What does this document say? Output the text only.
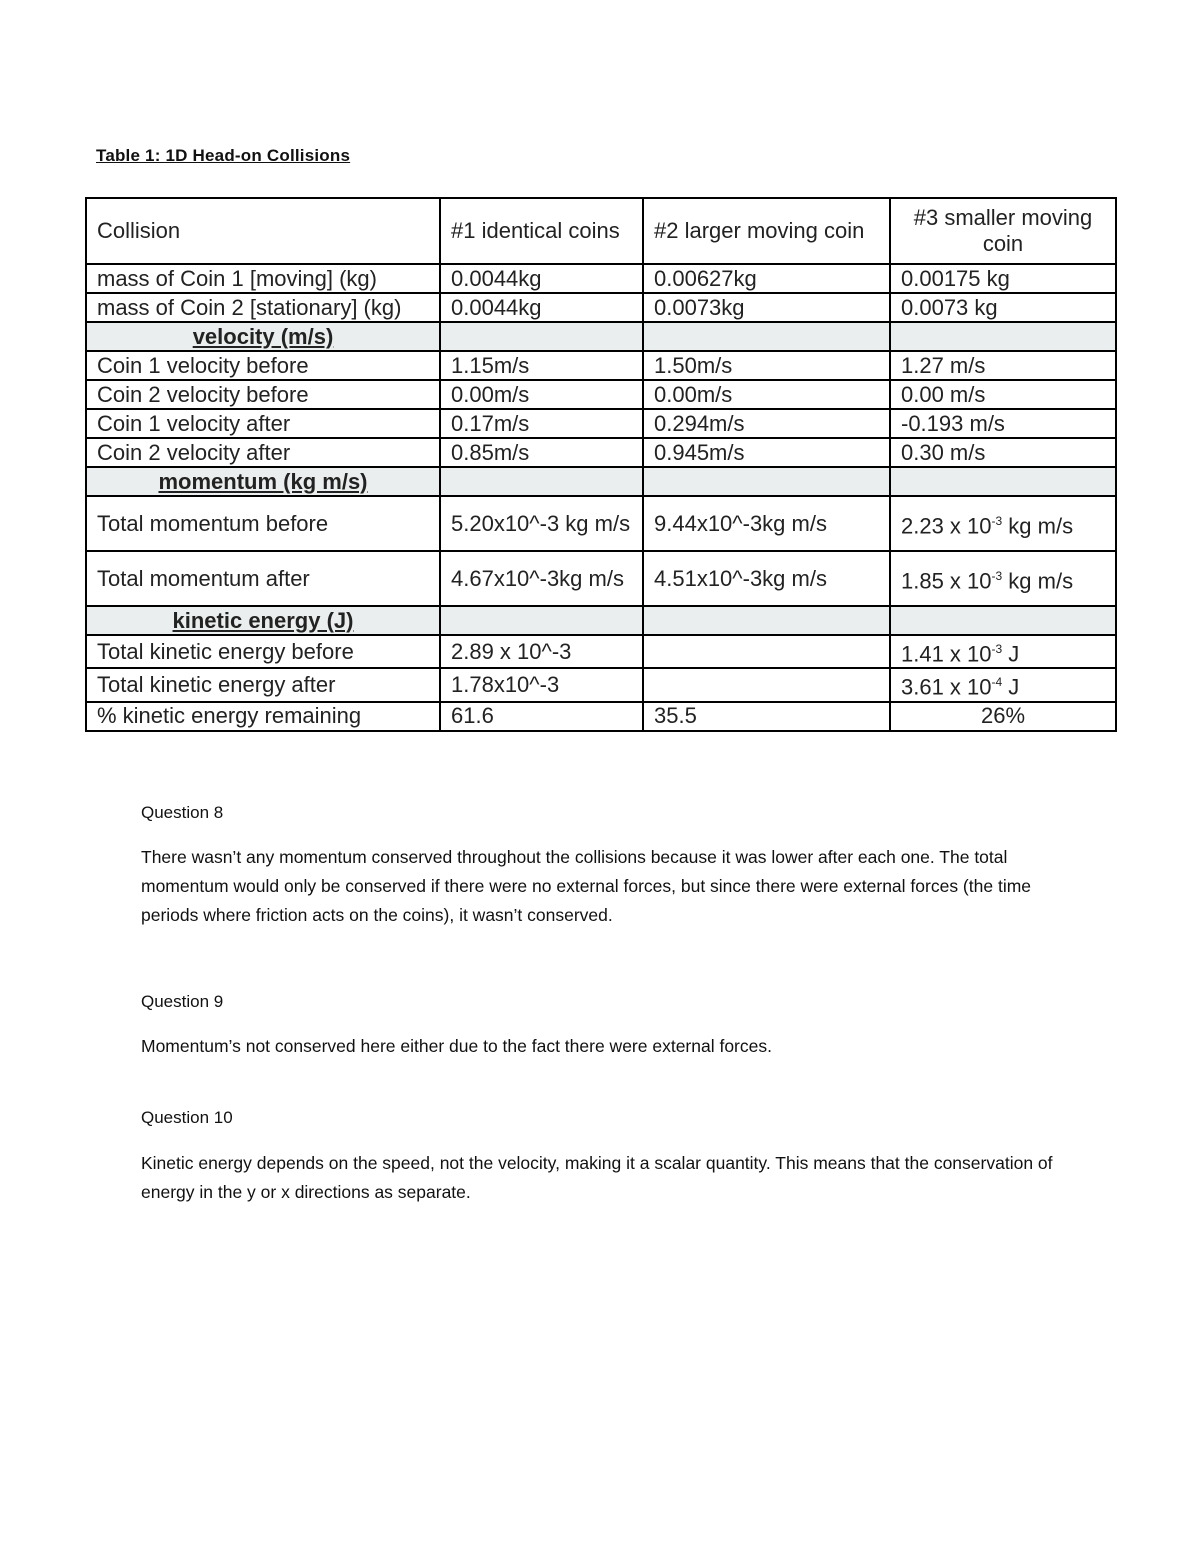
Table 1: 1D Head-on Collisions
Collision	#1 identical coins	#2 larger moving coin	#3 smaller moving coin
mass of Coin 1 [moving] (kg)	0.0044kg	0.00627kg	0.00175 kg
mass of Coin 2 [stationary] (kg)	0.0044kg	0.0073kg	0.0073 kg
velocity (m/s)			
Coin 1 velocity before	1.15m/s	1.50m/s	1.27 m/s
Coin 2 velocity before	0.00m/s	0.00m/s	0.00 m/s
Coin 1 velocity after	0.17m/s	0.294m/s	-0.193 m/s
Coin 2 velocity after	0.85m/s	0.945m/s	0.30 m/s
momentum (kg m/s)			
Total momentum before	5.20x10^-3 kg m/s	9.44x10^-3kg m/s	2.23 x $10^{-3}$ kg m/s
Total momentum after	4.67x10^-3kg m/s	4.51x10^-3kg m/s	1.85 x $10^{-3}$ kg m/s
kinetic energy (J)			
Total kinetic energy before	2.89 x 10^-3		1.41 x $10^{-3}$ J
Total kinetic energy after	1.78x10^-3		3.61 x $10^{-4}$ J
% kinetic energy remaining	61.6	35.5	26%

Question 8

There wasn’t any momentum conserved throughout the collisions because it was lower after each one. The total momentum would only be conserved if there were no external forces, but since there were external forces (the time periods where friction acts on the coins), it wasn’t conserved.

Question 9

Momentum’s not conserved here either due to the fact there were external forces.

Question 10

Kinetic energy depends on the speed, not the velocity, making it a scalar quantity. This means that the conservation of energy in the y or x directions as separate.
